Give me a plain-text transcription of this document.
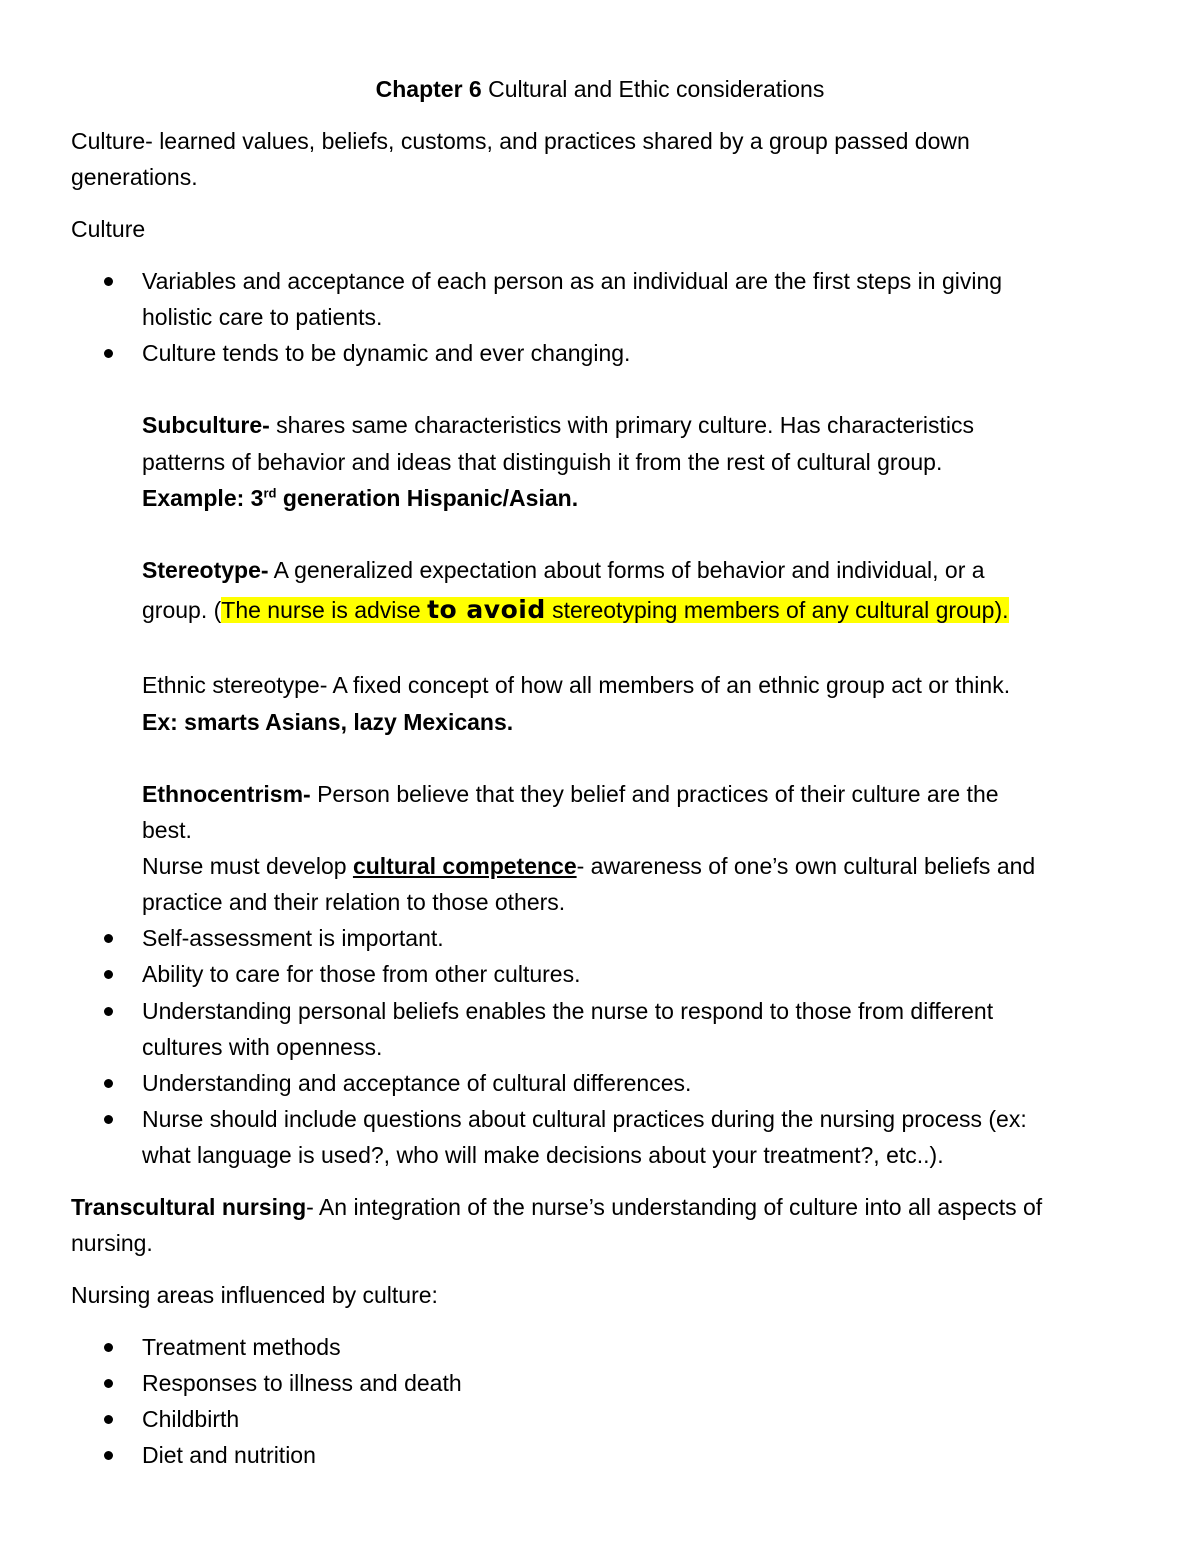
Chapter 6 Cultural and Ethic considerations
Culture- learned values, beliefs, customs, and practices shared by a group passed down
generations.
Culture
Variables and acceptance of each person as an individual are the first steps in giving
holistic care to patients.
Culture tends to be dynamic and ever changing.
Subculture- shares same characteristics with primary culture. Has characteristics
patterns of behavior and ideas that distinguish it from the rest of cultural group.
Example: 3rd generation Hispanic/Asian.
Stereotype- A generalized expectation about forms of behavior and individual, or a
group. (The nurse is advise to avoid stereotyping members of any cultural group).
Ethnic stereotype- A fixed concept of how all members of an ethnic group act or think.
Ex: smarts Asians, lazy Mexicans.
Ethnocentrism- Person believe that they belief and practices of their culture are the
best.
Nurse must develop cultural competence- awareness of one’s own cultural beliefs and
practice and their relation to those others.
Self-assessment is important.
Ability to care for those from other cultures.
Understanding personal beliefs enables the nurse to respond to those from different
cultures with openness.
Understanding and acceptance of cultural differences.
Nurse should include questions about cultural practices during the nursing process (ex:
what language is used?, who will make decisions about your treatment?, etc..).
Transcultural nursing- An integration of the nurse’s understanding of culture into all aspects of
nursing.
Nursing areas influenced by culture:
Treatment methods
Responses to illness and death
Childbirth
Diet and nutrition
